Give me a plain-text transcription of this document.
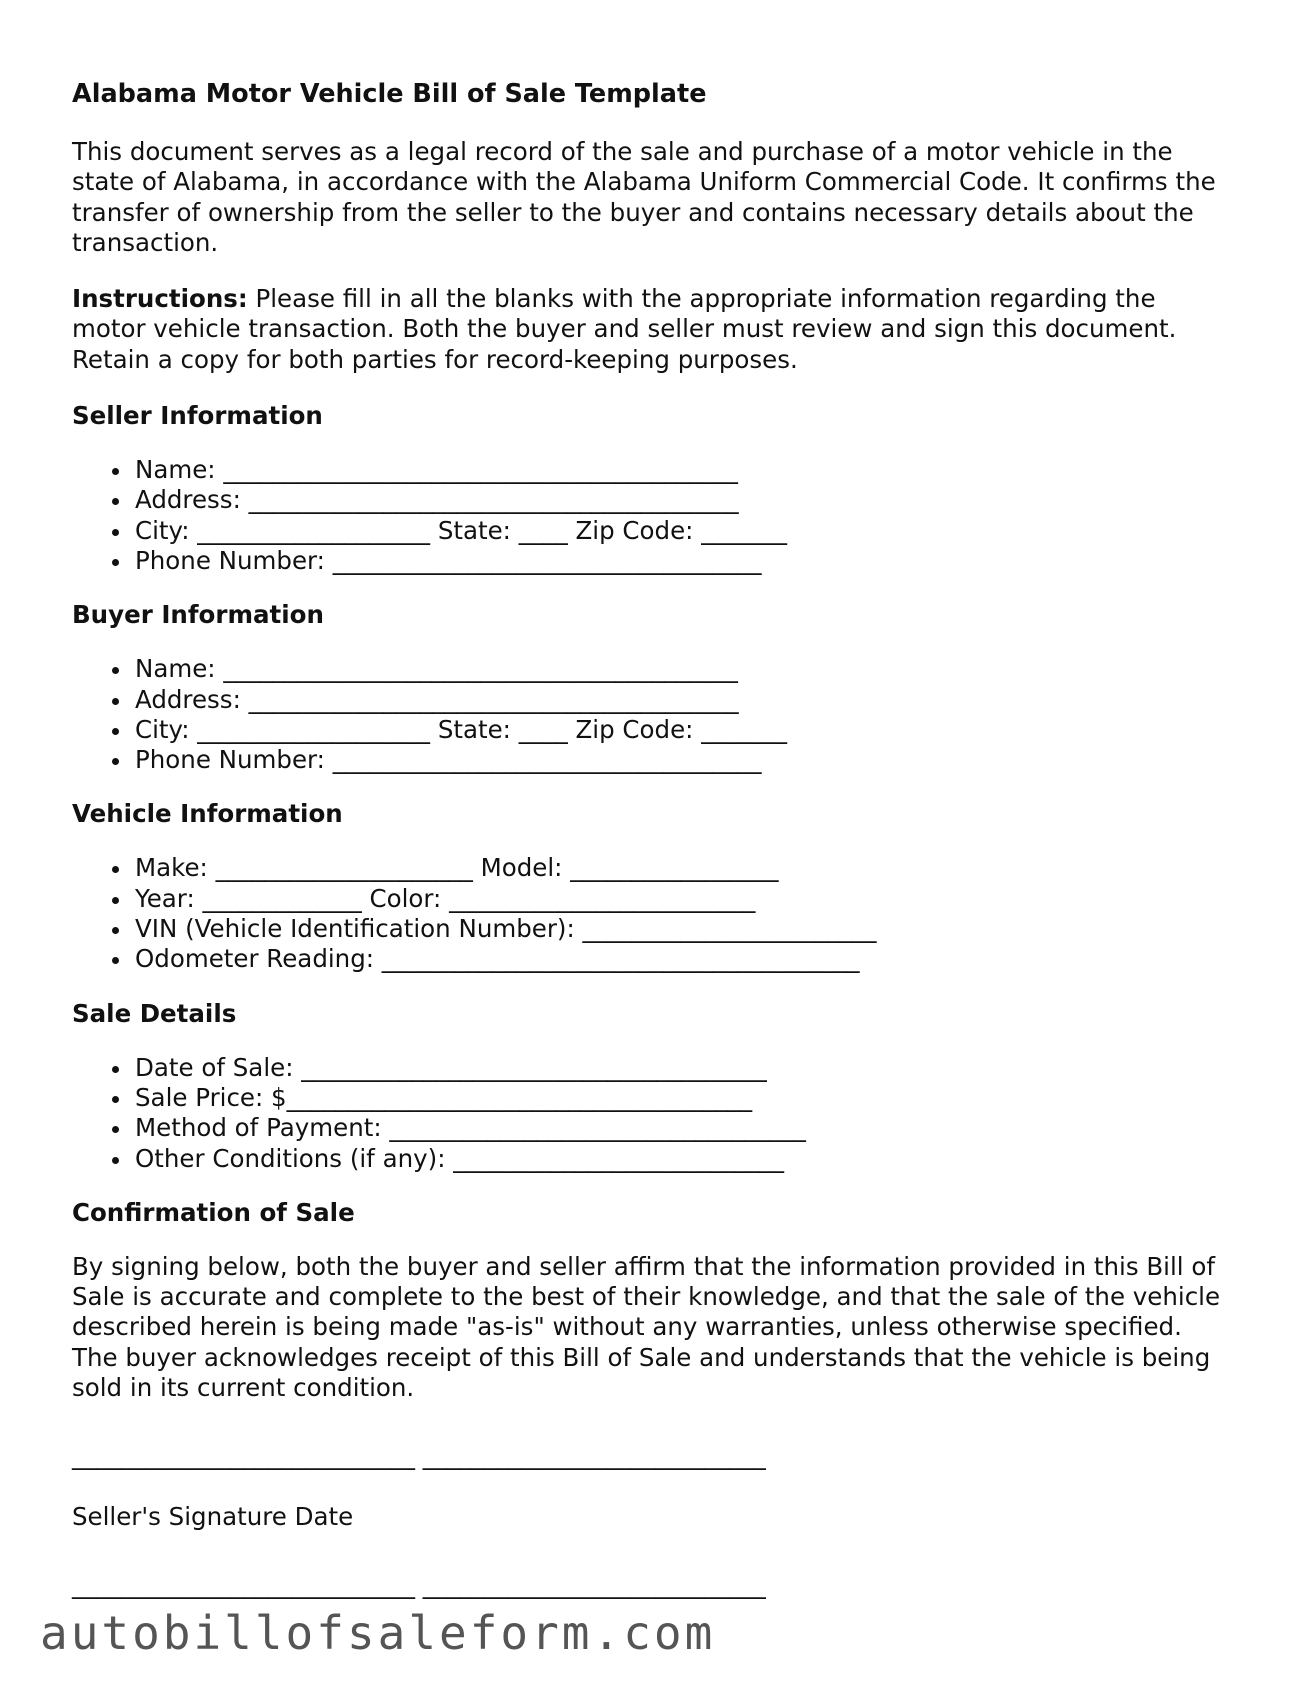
Alabama Motor Vehicle Bill of Sale Template

This document serves as a legal record of the sale and purchase of a motor vehicle in the state of Alabama, in accordance with the Alabama Uniform Commercial Code. It confirms the transfer of ownership from the seller to the buyer and contains necessary details about the transaction.

Instructions: Please fill in all the blanks with the appropriate information regarding the motor vehicle transaction. Both the buyer and seller must review and sign this document. Retain a copy for both parties for record-keeping purposes.

Seller Information
Name: __________________________________________
Address: ________________________________________
City: ___________________ State: ____ Zip Code: _______
Phone Number: ___________________________________
Buyer Information
Name: __________________________________________
Address: ________________________________________
City: ___________________ State: ____ Zip Code: _______
Phone Number: ___________________________________
Vehicle Information
Make: _____________________ Model: _________________
Year: _____________ Color: _________________________
VIN (Vehicle Identification Number): ________________________
Odometer Reading: _______________________________________
Sale Details
Date of Sale: ______________________________________
Sale Price: $______________________________________
Method of Payment: __________________________________
Other Conditions (if any): ___________________________
Confirmation of Sale

By signing below, both the buyer and seller affirm that the information provided in this Bill of Sale is accurate and complete to the best of their knowledge, and that the sale of the vehicle described herein is being made "as-is" without any warranties, unless otherwise specified. The buyer acknowledges receipt of this Bill of Sale and understands that the vehicle is being sold in its current condition.

____________________________ ____________________________
Seller's Signature Date
____________________________ ____________________________
autobillofsaleform.com
